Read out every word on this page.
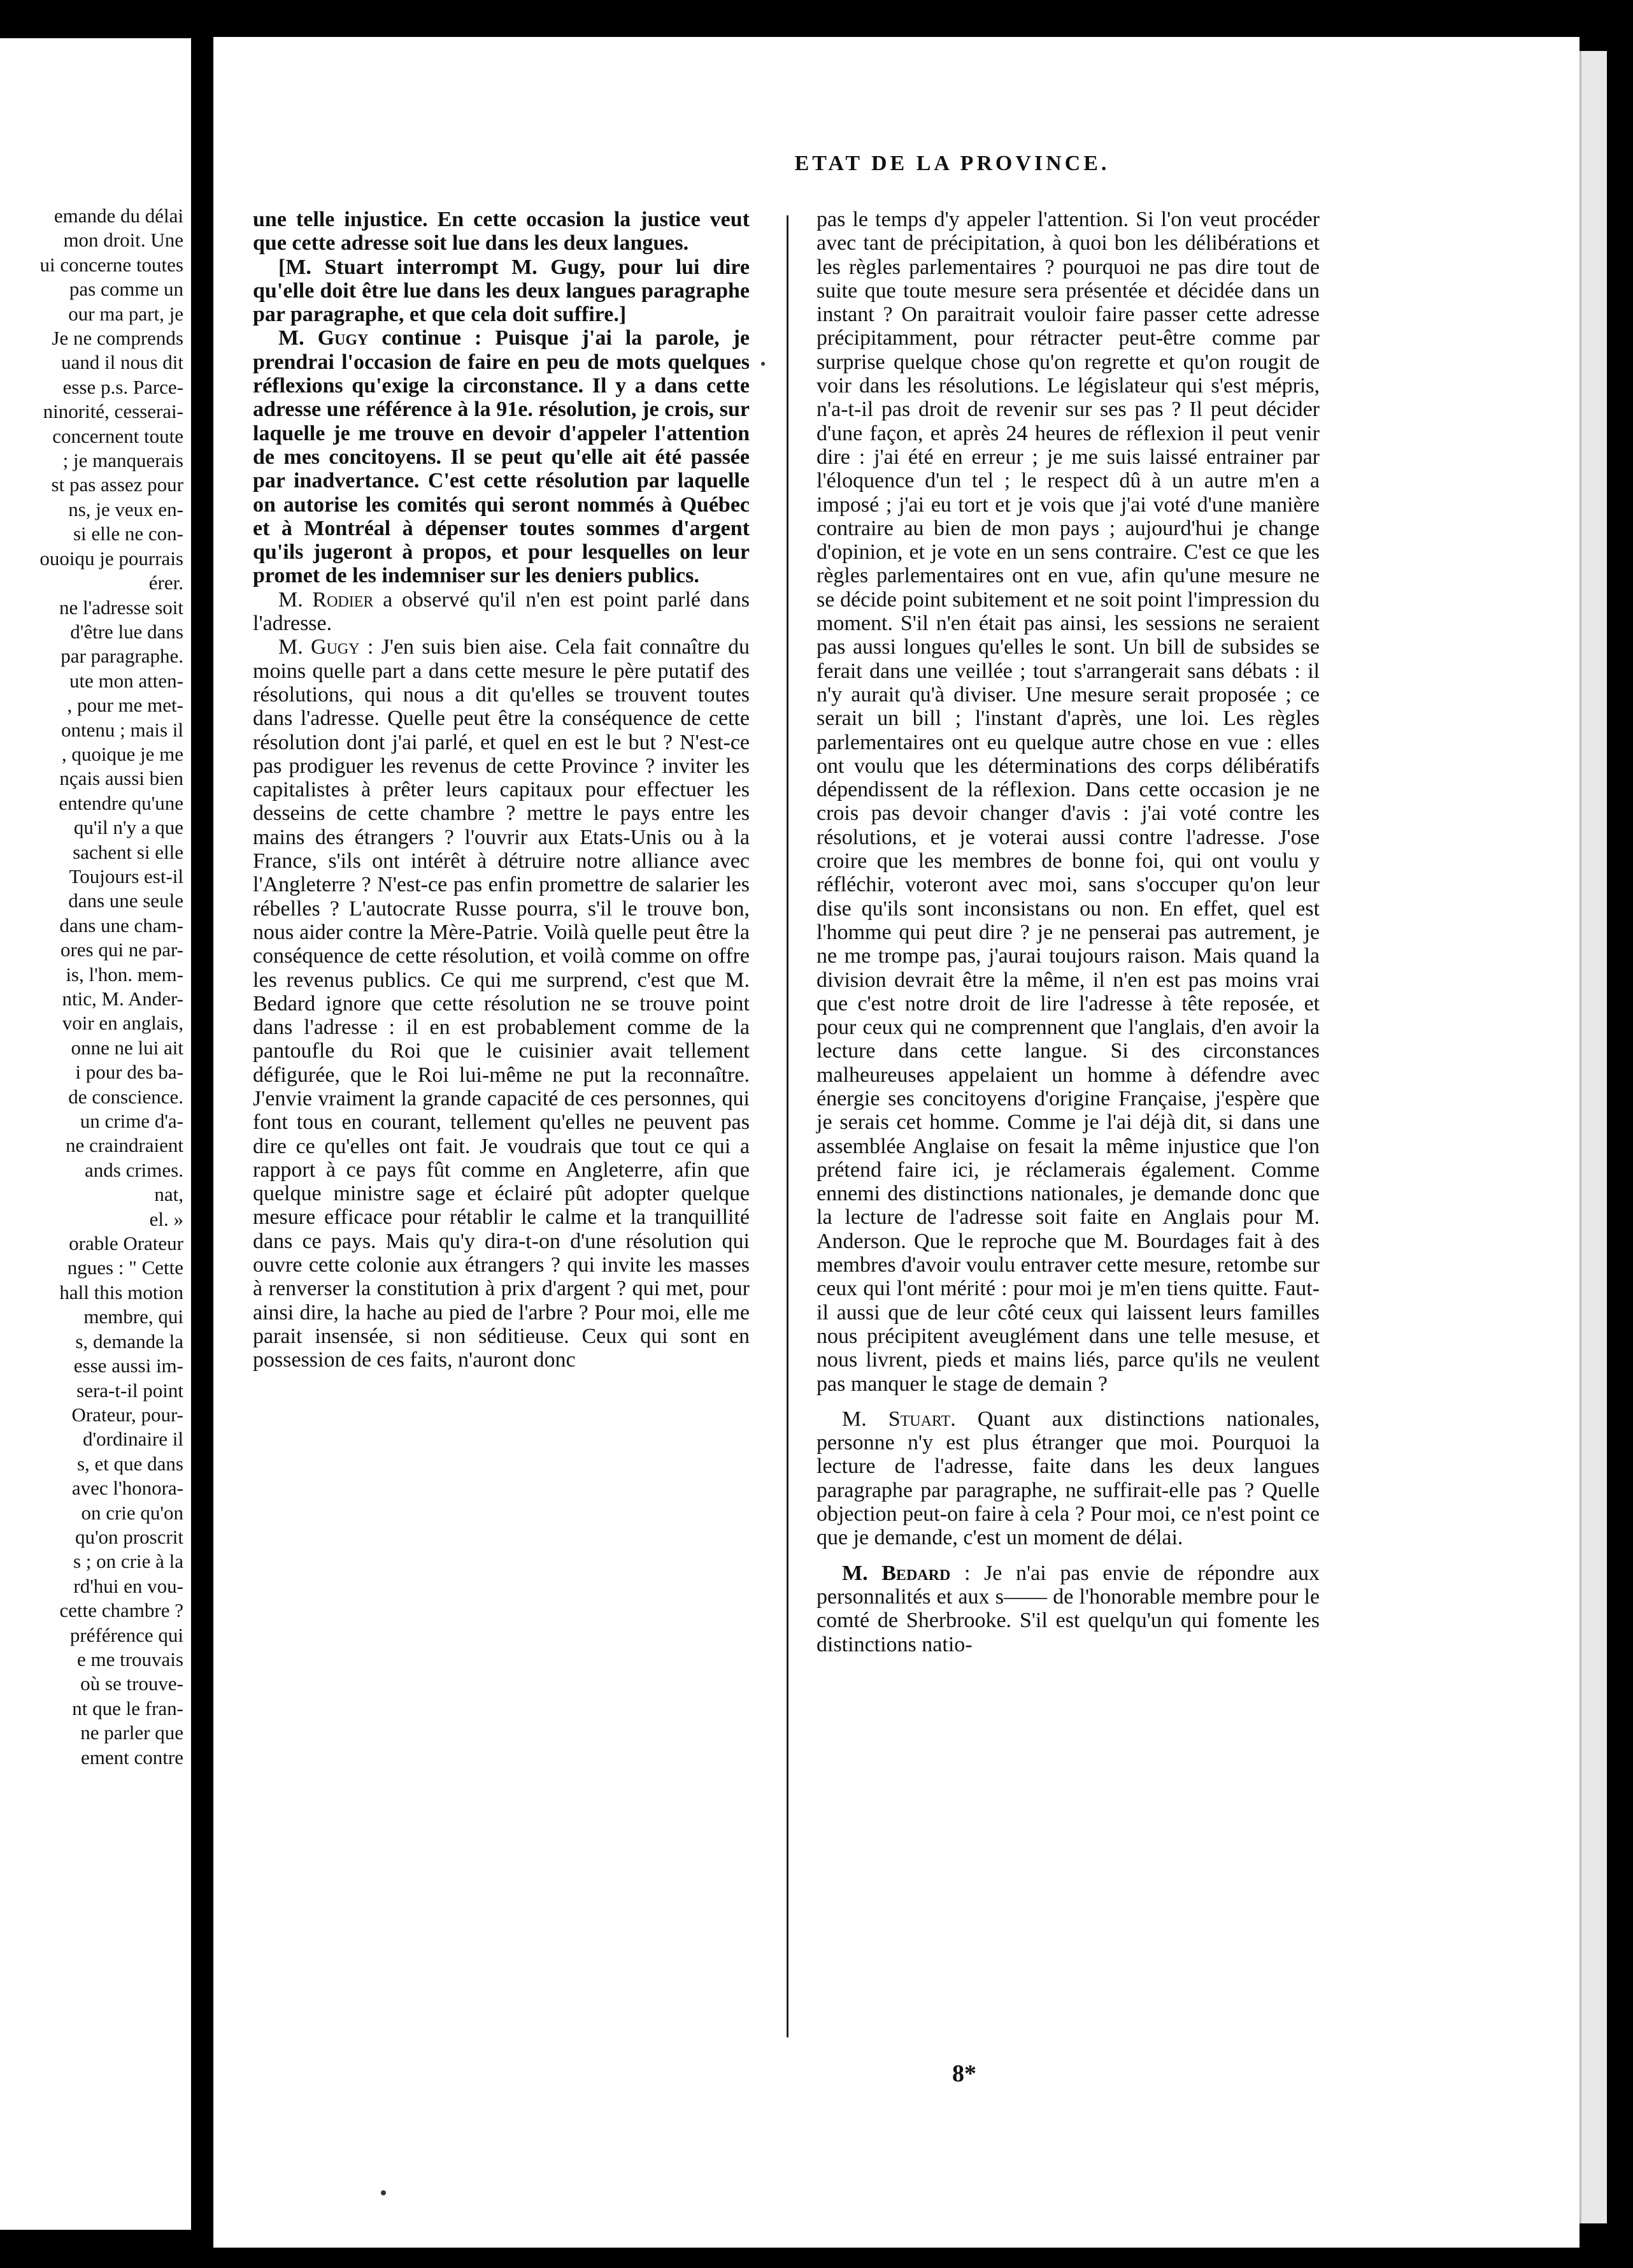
emande du délai
mon droit. Une
ui concerne toutes
pas comme un
our ma part, je
Je ne comprends
uand il nous dit
esse p.s. Parce-
ninorité, cesserai-
concernent toute
; je manquerais
st pas assez pour
ns, je veux en-
si elle ne con-
ouoiqu je pourrais
érer.
ne l'adresse soit
d'être lue dans
par paragraphe.
ute mon atten-
, pour me met-
ontenu ; mais il
, quoique je me
nçais aussi bien
entendre qu'une
qu'il n'y a que
sachent si elle
Toujours est-il
dans une seule
dans une cham-
ores qui ne par-
is, l'hon. mem-
ntic, M. Ander-
voir en anglais,
onne ne lui ait
i pour des ba-
de conscience.
un crime d'a-
ne craindraient
ands crimes.
nat,
el. »
orable Orateur
ngues : " Cette
hall this motion
membre, qui
s, demande la
esse aussi im-
sera-t-il point
Orateur, pour-
d'ordinaire il
s, et que dans
avec l'honora-
on crie qu'on
qu'on proscrit
s ; on crie à la
rd'hui en vou-
cette chambre ?
préférence qui
e me trouvais
où se trouve-
nt que le fran-
ne parler que
ement contre
ETAT DE LA PROVINCE.

une telle injustice. En cette occasion la justice veut que cette adresse soit lue dans les deux langues.

[M. Stuart interrompt M. Gugy, pour lui dire qu'elle doit être lue dans les deux langues paragraphe par paragraphe, et que cela doit suffire.]

M. Gugy continue : Puisque j'ai la parole, je prendrai l'occasion de faire en peu de mots quelques réflexions qu'exige la circonstance. Il y a dans cette adresse une référence à la 91e. résolution, je crois, sur laquelle je me trouve en devoir d'appeler l'attention de mes concitoyens. Il se peut qu'elle ait été passée par inadvertance. C'est cette résolution par laquelle on autorise les comités qui seront nommés à Québec et à Montréal à dépenser toutes sommes d'argent qu'ils jugeront à propos, et pour lesquelles on leur promet de les indemniser sur les deniers publics.

M. Rodier a observé qu'il n'en est point parlé dans l'adresse.

M. Gugy : J'en suis bien aise. Cela fait connaître du moins quelle part a dans cette mesure le père putatif des résolutions, qui nous a dit qu'elles se trouvent toutes dans l'adresse. Quelle peut être la conséquence de cette résolution dont j'ai parlé, et quel en est le but ? N'est-ce pas prodiguer les revenus de cette Province ? inviter les capitalistes à prêter leurs capitaux pour effectuer les desseins de cette chambre ? mettre le pays entre les mains des étrangers ? l'ouvrir aux Etats-Unis ou à la France, s'ils ont intérêt à détruire notre alliance avec l'Angleterre ? N'est-ce pas enfin promettre de salarier les rébelles ? L'autocrate Russe pourra, s'il le trouve bon, nous aider contre la Mère-Patrie. Voilà quelle peut être la conséquence de cette résolution, et voilà comme on offre les revenus publics. Ce qui me surprend, c'est que M. Bedard ignore que cette résolution ne se trouve point dans l'adresse : il en est probablement comme de la pantoufle du Roi que le cuisinier avait tellement défigurée, que le Roi lui-même ne put la reconnaître. J'envie vraiment la grande capacité de ces personnes, qui font tous en courant, tellement qu'elles ne peuvent pas dire ce qu'elles ont fait. Je voudrais que tout ce qui a rapport à ce pays fût comme en Angleterre, afin que quelque ministre sage et éclairé pût adopter quelque mesure efficace pour rétablir le calme et la tranquillité dans ce pays. Mais qu'y dira-t-on d'une résolution qui ouvre cette colonie aux étrangers ? qui invite les masses à renverser la constitution à prix d'argent ? qui met, pour ainsi dire, la hache au pied de l'arbre ? Pour moi, elle me parait insensée, si non séditieuse. Ceux qui sont en possession de ces faits, n'auront donc

pas le temps d'y appeler l'attention. Si l'on veut procéder avec tant de précipitation, à quoi bon les délibérations et les règles parlementaires ? pourquoi ne pas dire tout de suite que toute mesure sera présentée et décidée dans un instant ? On paraitrait vouloir faire passer cette adresse précipitamment, pour rétracter peut-être comme par surprise quelque chose qu'on regrette et qu'on rougit de voir dans les résolutions. Le législateur qui s'est mépris, n'a-t-il pas droit de revenir sur ses pas ? Il peut décider d'une façon, et après 24 heures de réflexion il peut venir dire : j'ai été en erreur ; je me suis laissé entrainer par l'éloquence d'un tel ; le respect dû à un autre m'en a imposé ; j'ai eu tort et je vois que j'ai voté d'une manière contraire au bien de mon pays ; aujourd'hui je change d'opinion, et je vote en un sens contraire. C'est ce que les règles parlementaires ont en vue, afin qu'une mesure ne se décide point subitement et ne soit point l'impression du moment. S'il n'en était pas ainsi, les sessions ne seraient pas aussi longues qu'elles le sont. Un bill de subsides se ferait dans une veillée ; tout s'arrangerait sans débats : il n'y aurait qu'à diviser. Une mesure serait proposée ; ce serait un bill ; l'instant d'après, une loi. Les règles parlementaires ont eu quelque autre chose en vue : elles ont voulu que les déterminations des corps délibératifs dépendissent de la réflexion. Dans cette occasion je ne crois pas devoir changer d'avis : j'ai voté contre les résolutions, et je voterai aussi contre l'adresse. J'ose croire que les membres de bonne foi, qui ont voulu y réfléchir, voteront avec moi, sans s'occuper qu'on leur dise qu'ils sont inconsistans ou non. En effet, quel est l'homme qui peut dire ? je ne penserai pas autrement, je ne me trompe pas, j'aurai toujours raison. Mais quand la division devrait être la même, il n'en est pas moins vrai que c'est notre droit de lire l'adresse à tête reposée, et pour ceux qui ne comprennent que l'anglais, d'en avoir la lecture dans cette langue. Si des circonstances malheureuses appelaient un homme à défendre avec énergie ses concitoyens d'origine Française, j'espère que je serais cet homme. Comme je l'ai déjà dit, si dans une assemblée Anglaise on fesait la même injustice que l'on prétend faire ici, je réclamerais également. Comme ennemi des distinctions nationales, je demande donc que la lecture de l'adresse soit faite en Anglais pour M. Anderson. Que le reproche que M. Bourdages fait à des membres d'avoir voulu entraver cette mesure, retombe sur ceux qui l'ont mérité : pour moi je m'en tiens quitte. Faut-il aussi que de leur côté ceux qui laissent leurs familles nous précipitent aveuglément dans une telle mesuse, et nous livrent, pieds et mains liés, parce qu'ils ne veulent pas manquer le stage de demain ?

M. Stuart. Quant aux distinctions nationales, personne n'y est plus étranger que moi. Pourquoi la lecture de l'adresse, faite dans les deux langues paragraphe par paragraphe, ne suffirait-elle pas ? Quelle objection peut-on faire à cela ? Pour moi, ce n'est point ce que je demande, c'est un moment de délai.

M. Bedard : Je n'ai pas envie de répondre aux personnalités et aux s—— de l'honorable membre pour le comté de Sherbrooke. S'il est quelqu'un qui fomente les distinctions natio-

8*
